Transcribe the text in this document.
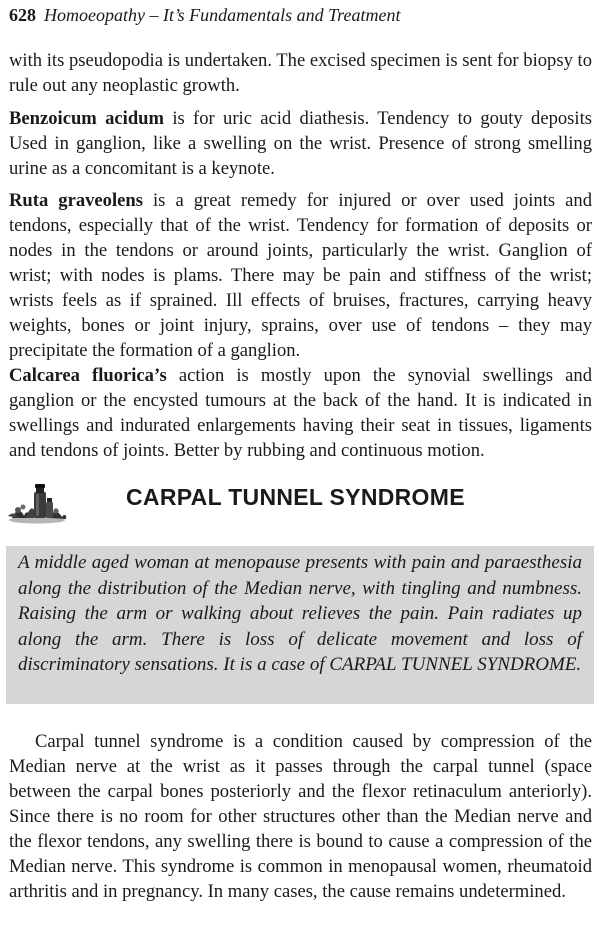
628 Homoeopathy – It’s Fundamentals and Treatment

with its pseudopodia is undertaken. The excised specimen is sent for biopsy to rule out any neoplastic growth.

Benzoicum acidum is for uric acid diathesis. Tendency to gouty deposits Used in ganglion, like a swelling on the wrist. Presence of strong smelling urine as a concomitant is a keynote.

Ruta graveolens is a great remedy for injured or over used joints and tendons, especially that of the wrist. Tendency for formation of deposits or nodes in the tendons or around joints, particularly the wrist. Ganglion of wrist; with nodes is plams. There may be pain and stiffness of the wrist; wrists feels as if sprained. Ill effects of bruises, fractures, carrying heavy weights, bones or joint injury, sprains, over use of tendons – they may precipitate the formation of a ganglion.

Calcarea fluorica’s action is mostly upon the synovial swellings and ganglion or the encysted tumours at the back of the hand. It is indicated in swellings and indurated enlargements having their seat in tissues, ligaments and tendons of joints. Better by rubbing and continuous motion.

CARPAL TUNNEL SYNDROME

A middle aged woman at menopause presents with pain and paraesthesia along the distribution of the Median nerve, with tingling and numbness. Raising the arm or walking about relieves the pain. Pain radiates up along the arm. There is loss of delicate movement and loss of discriminatory sensations. It is a case of CARPAL TUNNEL SYNDROME.

Carpal tunnel syndrome is a condition caused by compression of the Median nerve at the wrist as it passes through the carpal tunnel (space between the carpal bones posteriorly and the flexor retinaculum anteriorly). Since there is no room for other structures other than the Median nerve and the flexor tendons, any swelling there is bound to cause a compression of the Median nerve. This syndrome is common in menopausal women, rheumatoid arthritis and in pregnancy. In many cases, the cause remains undetermined.
